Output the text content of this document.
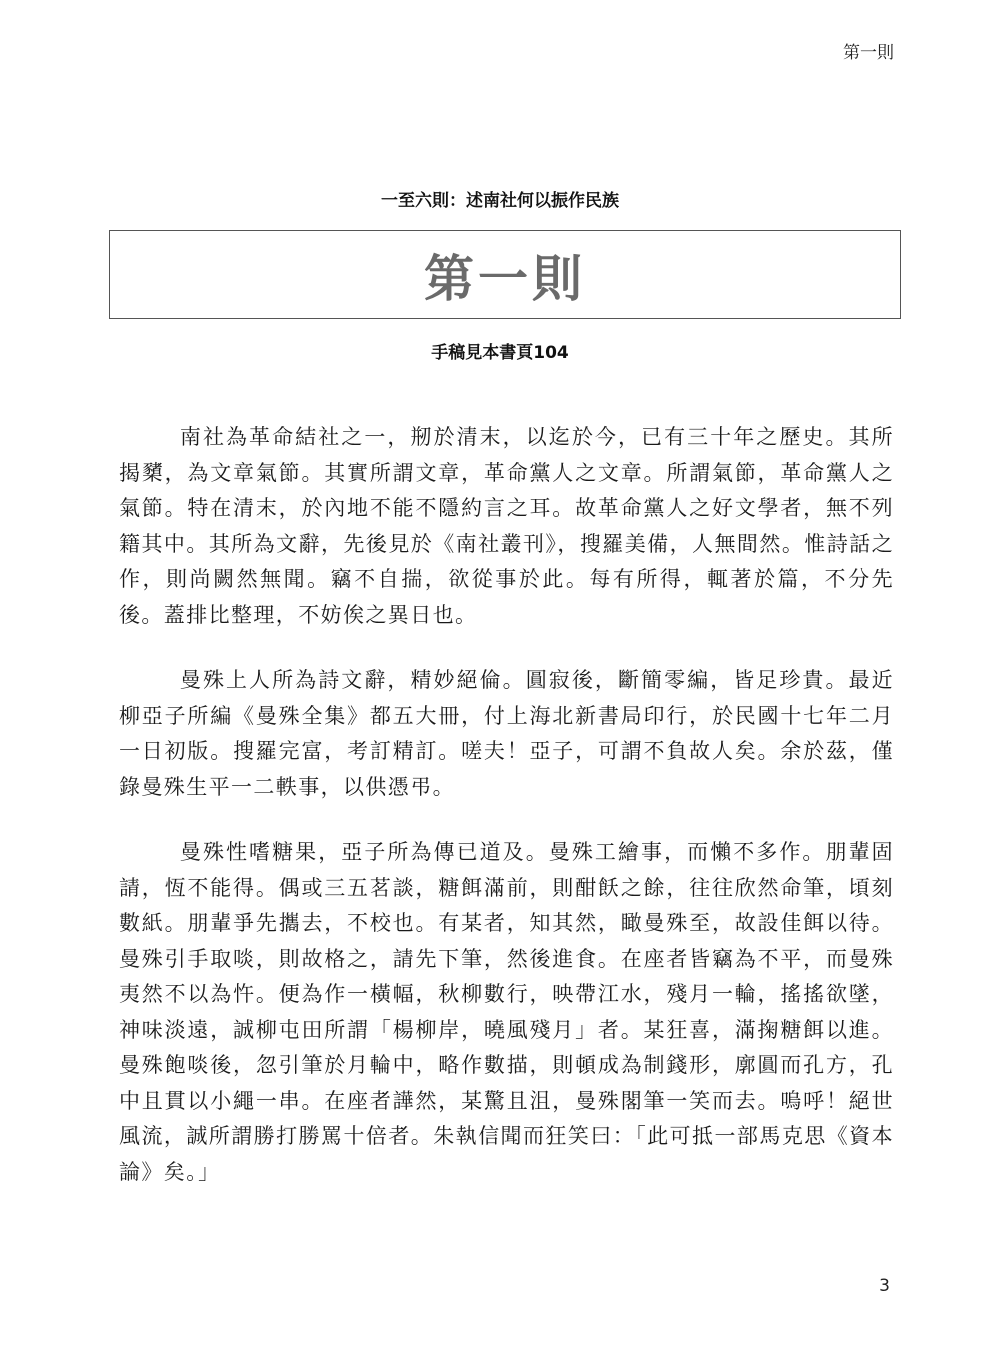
第一則
一至六則：述南社何以振作民族
第一則
手稿見本書頁104

南社為革命結社之一，剏於清末，以迄於今，已有三十年之歷史。其所揭櫫，為文章氣節。其實所謂文章，革命黨人之文章。所謂氣節，革命黨人之氣節。特在清末，於內地不能不隱約言之耳。故革命黨人之好文學者，無不列籍其中。其所為文辭，先後見於《南社叢刊》，搜羅美備，人無間然。惟詩話之作，則尚闕然無聞。竊不自揣，欲從事於此。每有所得，輒著於篇，不分先後。蓋排比整理，不妨俟之異日也。

曼殊上人所為詩文辭，精妙絕倫。圓寂後，斷簡零編，皆足珍貴。最近柳亞子所編《曼殊全集》都五大冊，付上海北新書局印行，於民國十七年二月一日初版。搜羅完富，考訂精訂。嗟夫！亞子，可謂不負故人矣。余於茲，僅錄曼殊生平一二軼事，以供憑弔。

曼殊性嗜糖果，亞子所為傳已道及。曼殊工繪事，而懶不多作。朋輩固請，恆不能得。偶或三五茗談，糖餌滿前，則酣飫之餘，往往欣然命筆，頃刻數紙。朋輩爭先攜去，不校也。有某者，知其然，瞰曼殊至，故設佳餌以待。曼殊引手取啖，則故格之，請先下筆，然後進食。在座者皆竊為不平，而曼殊夷然不以為忤。便為作一橫幅，秋柳數行，映帶江水，殘月一輪，搖搖欲墜，神味淡遠，誠柳屯田所謂「楊柳岸，曉風殘月」者。某狂喜，滿掬糖餌以進。曼殊飽啖後，忽引筆於月輪中，略作數描，則頓成為制錢形，廓圓而孔方，孔中且貫以小繩一串。在座者譁然，某驚且沮，曼殊閣筆一笑而去。嗚呼！絕世風流，誠所謂勝打勝罵十倍者。朱執信聞而狂笑曰：「此可抵一部馬克思《資本論》矣。」

3
